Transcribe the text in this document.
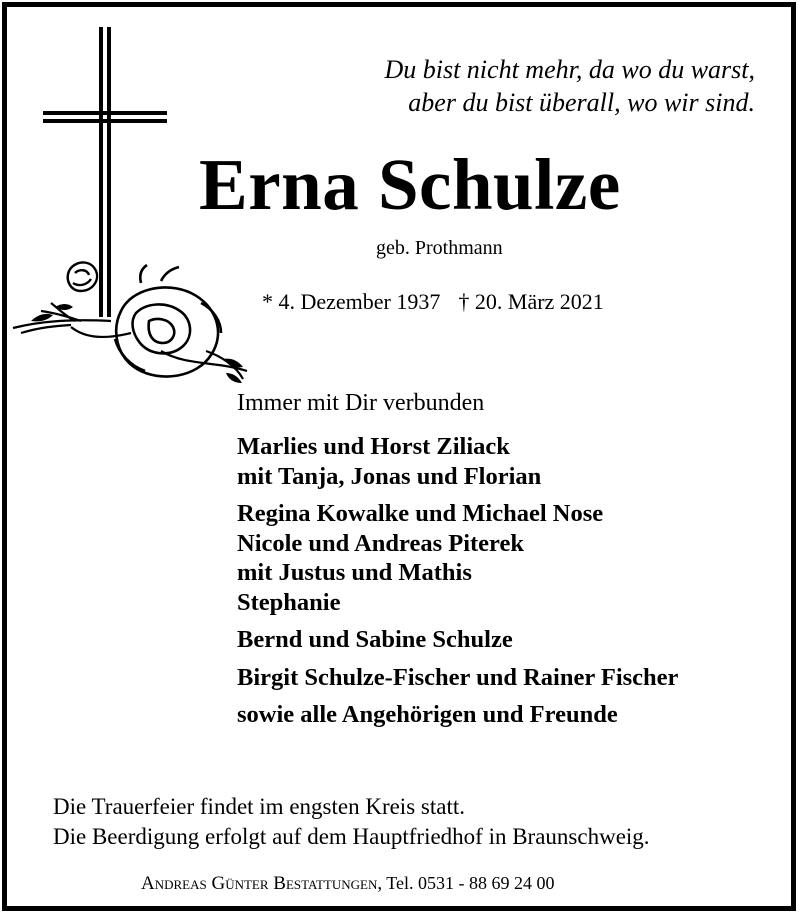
Du bist nicht mehr, da wo du warst,
aber du bist überall, wo wir sind.
Erna Schulze
geb. Prothmann
* 4. Dezember 1937 † 20. März 2021
Immer mit Dir verbunden
Marlies und Horst Ziliack
mit Tanja, Jonas und Florian
Regina Kowalke und Michael Nose
Nicole und Andreas Piterek
mit Justus und Mathis
Stephanie
Bernd und Sabine Schulze
Birgit Schulze-Fischer und Rainer Fischer
sowie alle Angehörigen und Freunde
Die Trauerfeier findet im engsten Kreis statt.
Die Beerdigung erfolgt auf dem Hauptfriedhof in Braunschweig.
Andreas Günter Bestattungen, Tel. 0531 - 88 69 24 00
